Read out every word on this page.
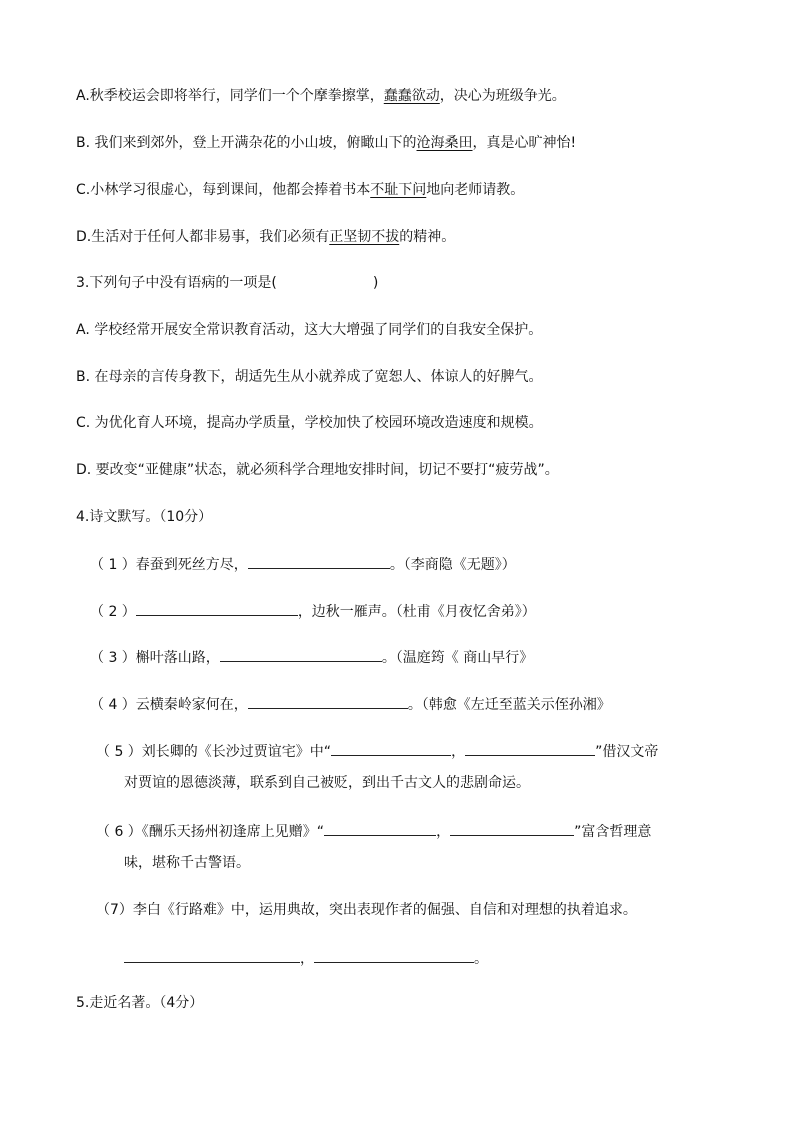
A.秋季校运会即将举行，同学们一个个摩拳擦掌，蠢蠢欲动，决心为班级争光。
B. 我们来到郊外，登上开满杂花的小山坡，俯瞰山下的沧海桑田，真是心旷神怡!
C.小林学习很虚心，每到课间，他都会捧着书本不耻下问地向老师请教。
D.生活对于任何人都非易事，我们必须有正坚韧不拔的精神。
3.下列句子中没有语病的一项是(	)
A. 学校经常开展安全常识教育活动，这大大增强了同学们的自我安全保护。
B. 在母亲的言传身教下，胡适先生从小就养成了宽恕人、体谅人的好脾气。
C. 为优化育人环境，提高办学质量，学校加快了校园环境改造速度和规模。
D. 要改变“亚健康”状态，就必须科学合理地安排时间，切记不要打“疲劳战”。
4.诗文默写。（10分）
（ 1 ）春蚕到死丝方尽，	。（李商隐《无题》）
（ 2 ）	，边秋一雁声。（杜甫《月夜忆舍弟》）
（ 3 ）槲叶落山路，	。（温庭筠《 商山早行》
（ 4 ）云横秦岭家何在，	。（韩愈《左迁至蓝关示侄孙湘》
（ 5 ）刘长卿的《长沙过贾谊宅》中“	，	”借汉文帝
对贾谊的恩德淡薄，联系到自己被贬，到出千古文人的悲剧命运。
（ 6 ）《酬乐天扬州初逢席上见赠》“	，	”富含哲理意
味，堪称千古警语。
（7）李白《行路难》中，运用典故，突出表现作者的倔强、自信和对理想的执着追求。
，	。
5.走近名著。（4分）
